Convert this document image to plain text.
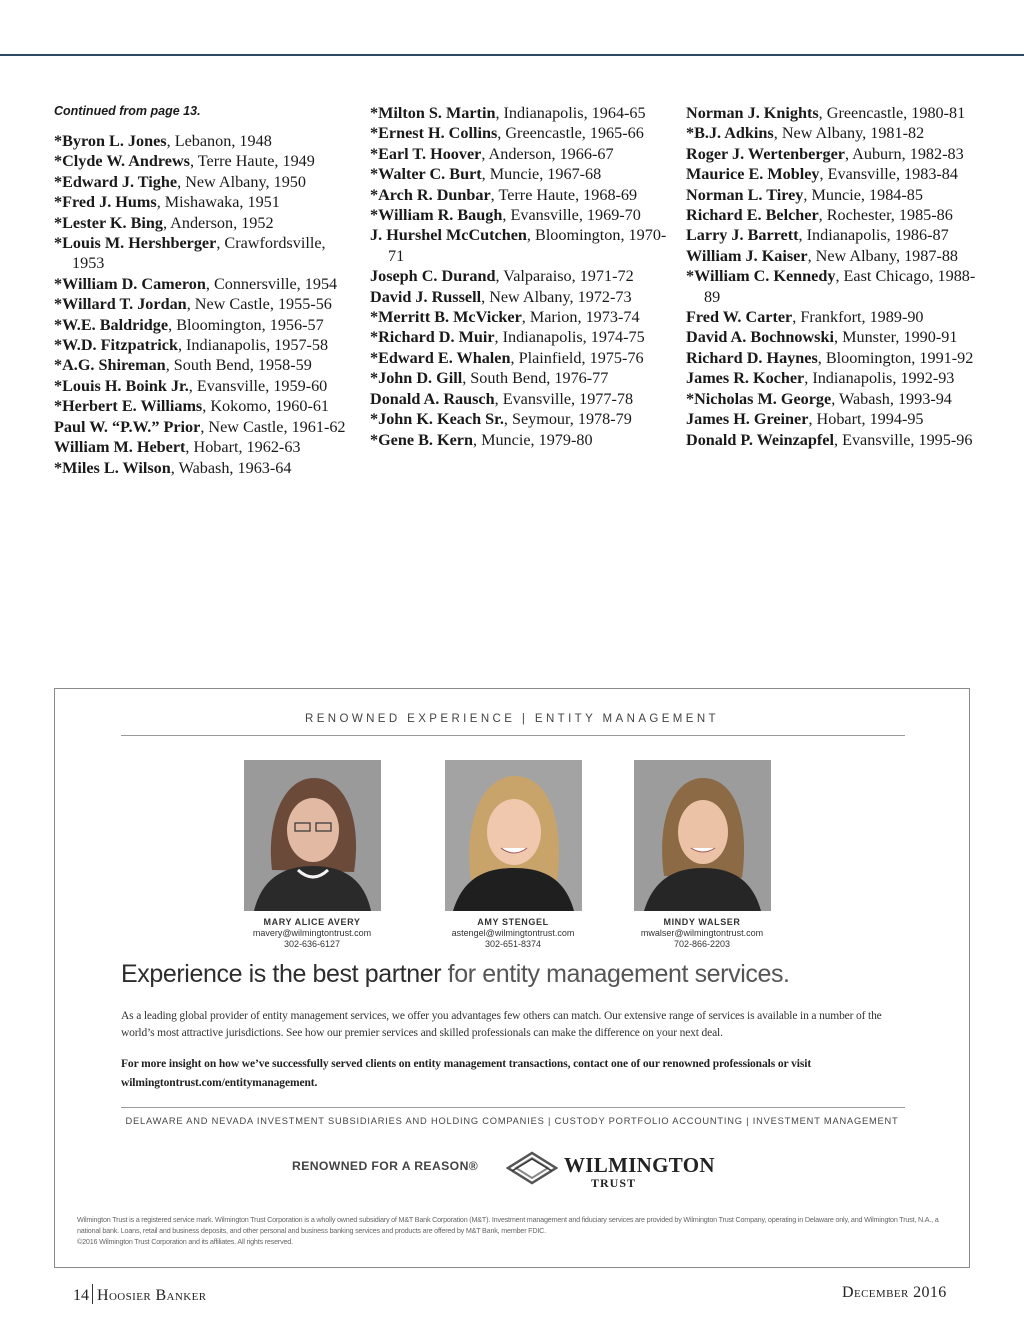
Continued from page 13.
*Byron L. Jones, Lebanon, 1948
*Clyde W. Andrews, Terre Haute, 1949
*Edward J. Tighe, New Albany, 1950
*Fred J. Hums, Mishawaka, 1951
*Lester K. Bing, Anderson, 1952
*Louis M. Hershberger, Crawfordsville, 1953
*William D. Cameron, Connersville, 1954
*Willard T. Jordan, New Castle, 1955-56
*W.E. Baldridge, Bloomington, 1956-57
*W.D. Fitzpatrick, Indianapolis, 1957-58
*A.G. Shireman, South Bend, 1958-59
*Louis H. Boink Jr., Evansville, 1959-60
*Herbert E. Williams, Kokomo, 1960-61
Paul W. “P.W.” Prior, New Castle, 1961-62
William M. Hebert, Hobart, 1962-63
*Miles L. Wilson, Wabash, 1963-64
*Milton S. Martin, Indianapolis, 1964-65
*Ernest H. Collins, Greencastle, 1965-66
*Earl T. Hoover, Anderson, 1966-67
*Walter C. Burt, Muncie, 1967-68
*Arch R. Dunbar, Terre Haute, 1968-69
*William R. Baugh, Evansville, 1969-70
J. Hurshel McCutchen, Bloomington, 1970-71
Joseph C. Durand, Valparaiso, 1971-72
David J. Russell, New Albany, 1972-73
*Merritt B. McVicker, Marion, 1973-74
*Richard D. Muir, Indianapolis, 1974-75
*Edward E. Whalen, Plainfield, 1975-76
*John D. Gill, South Bend, 1976-77
Donald A. Rausch, Evansville, 1977-78
*John K. Keach Sr., Seymour, 1978-79
*Gene B. Kern, Muncie, 1979-80
Norman J. Knights, Greencastle, 1980-81
*B.J. Adkins, New Albany, 1981-82
Roger J. Wertenberger, Auburn, 1982-83
Maurice E. Mobley, Evansville, 1983-84
Norman L. Tirey, Muncie, 1984-85
Richard E. Belcher, Rochester, 1985-86
Larry J. Barrett, Indianapolis, 1986-87
William J. Kaiser, New Albany, 1987-88
*William C. Kennedy, East Chicago, 1988-89
Fred W. Carter, Frankfort, 1989-90
David A. Bochnowski, Munster, 1990-91
Richard D. Haynes, Bloomington, 1991-92
James R. Kocher, Indianapolis, 1992-93
*Nicholas M. George, Wabash, 1993-94
James H. Greiner, Hobart, 1994-95
Donald P. Weinzapfel, Evansville, 1995-96
RENOWNED EXPERIENCE | ENTITY MANAGEMENT
MARY ALICE AVERY
mavery@wilmingtontrust.com
302-636-6127
AMY STENGEL
astengel@wilmingtontrust.com
302-651-8374
MINDY WALSER
mwalser@wilmingtontrust.com
702-866-2203
Experience is the best partner for entity management services.
As a leading global provider of entity management services, we offer you advantages few others can match. Our extensive range of services is available in a number of the world’s most attractive jurisdictions. See how our premier services and skilled professionals can make the difference on your next deal.
For more insight on how we’ve successfully served clients on entity management transactions, contact one of our renowned professionals or visit wilmingtontrust.com/entitymanagement.
DELAWARE AND NEVADA INVESTMENT SUBSIDIARIES AND HOLDING COMPANIES | CUSTODY PORTFOLIO ACCOUNTING | INVESTMENT MANAGEMENT
RENOWNED FOR A REASON®	WILMINGTON
TRUST
Wilmington Trust is a registered service mark. Wilmington Trust Corporation is a wholly owned subsidiary of M&T Bank Corporation (M&T). Investment management and fiduciary services are provided by Wilmington Trust Company, operating in Delaware only, and Wilmington Trust, N.A., a national bank. Loans, retail and business deposits, and other personal and business banking services and products are offered by M&T Bank, member FDIC.
©2016 Wilmington Trust Corporation and its affiliates. All rights reserved.
14 Hoosier Banker	December 2016
